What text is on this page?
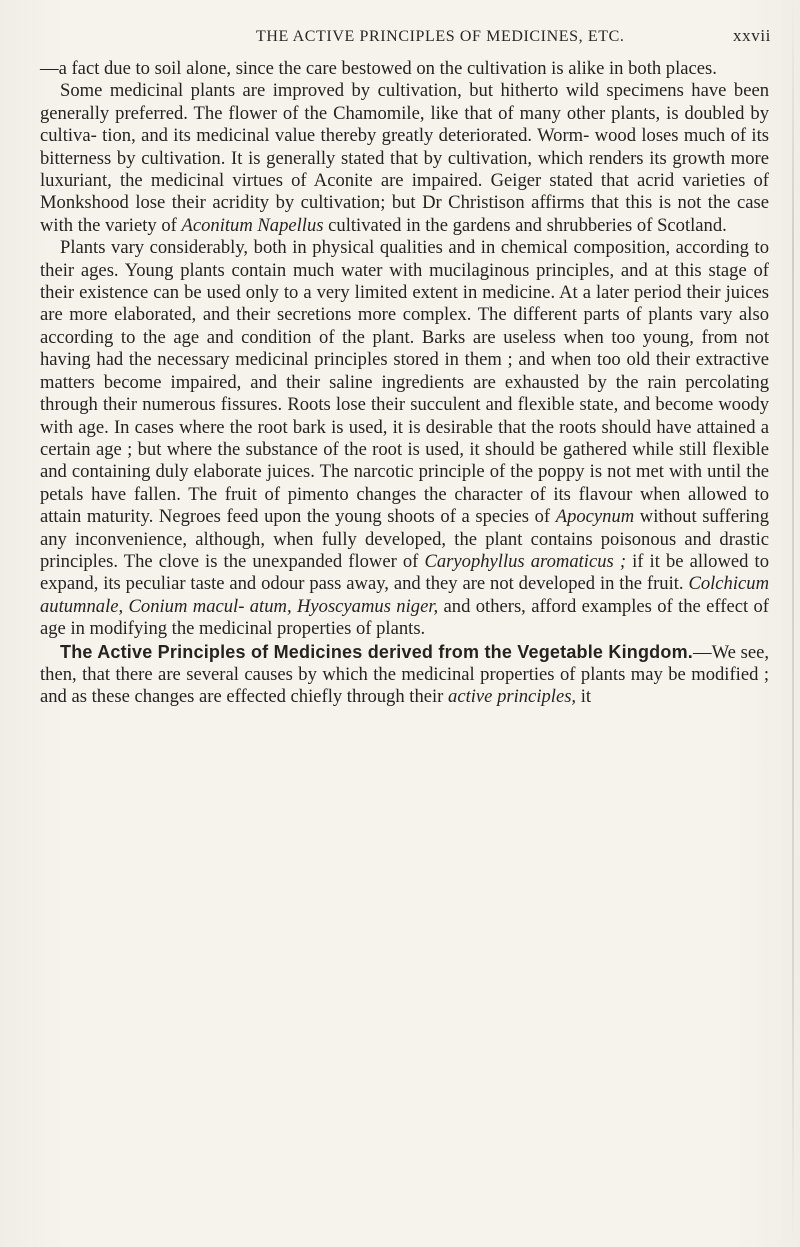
THE ACTIVE PRINCIPLES OF MEDICINES, ETC.	xxvii

—a fact due to soil alone, since the care bestowed on the cultivation is alike in both places.

Some medicinal plants are improved by cultivation, but hitherto wild specimens have been generally preferred. The flower of the Chamomile, like that of many other plants, is doubled by cultiva- tion, and its medicinal value thereby greatly deteriorated. Worm- wood loses much of its bitterness by cultivation. It is generally stated that by cultivation, which renders its growth more luxuriant, the medicinal virtues of Aconite are impaired. Geiger stated that acrid varieties of Monkshood lose their acridity by cultivation; but Dr Christison affirms that this is not the case with the variety of Aconitum Napellus cultivated in the gardens and shrubberies of Scotland.

Plants vary considerably, both in physical qualities and in chemical composition, according to their ages. Young plants contain much water with mucilaginous principles, and at this stage of their existence can be used only to a very limited extent in medicine. At a later period their juices are more elaborated, and their secretions more complex. The different parts of plants vary also according to the age and condition of the plant. Barks are useless when too young, from not having had the necessary medicinal principles stored in them ; and when too old their extractive matters become impaired, and their saline ingredients are exhausted by the rain percolating through their numerous fissures. Roots lose their succulent and flexible state, and become woody with age. In cases where the root bark is used, it is desirable that the roots should have attained a certain age ; but where the substance of the root is used, it should be gathered while still flexible and containing duly elaborate juices. The narcotic principle of the poppy is not met with until the petals have fallen. The fruit of pimento changes the character of its flavour when allowed to attain maturity. Negroes feed upon the young shoots of a species of Apocynum without suffering any inconvenience, although, when fully developed, the plant contains poisonous and drastic principles. The clove is the unexpanded flower of Caryophyllus aromaticus ; if it be allowed to expand, its peculiar taste and odour pass away, and they are not developed in the fruit. Colchicum autumnale, Conium macul- atum, Hyoscyamus niger, and others, afford examples of the effect of age in modifying the medicinal properties of plants.

The Active Principles of Medicines derived from the Vegetable Kingdom.—We see, then, that there are several causes by which the medicinal properties of plants may be modified ; and as these changes are effected chiefly through their active principles, it
